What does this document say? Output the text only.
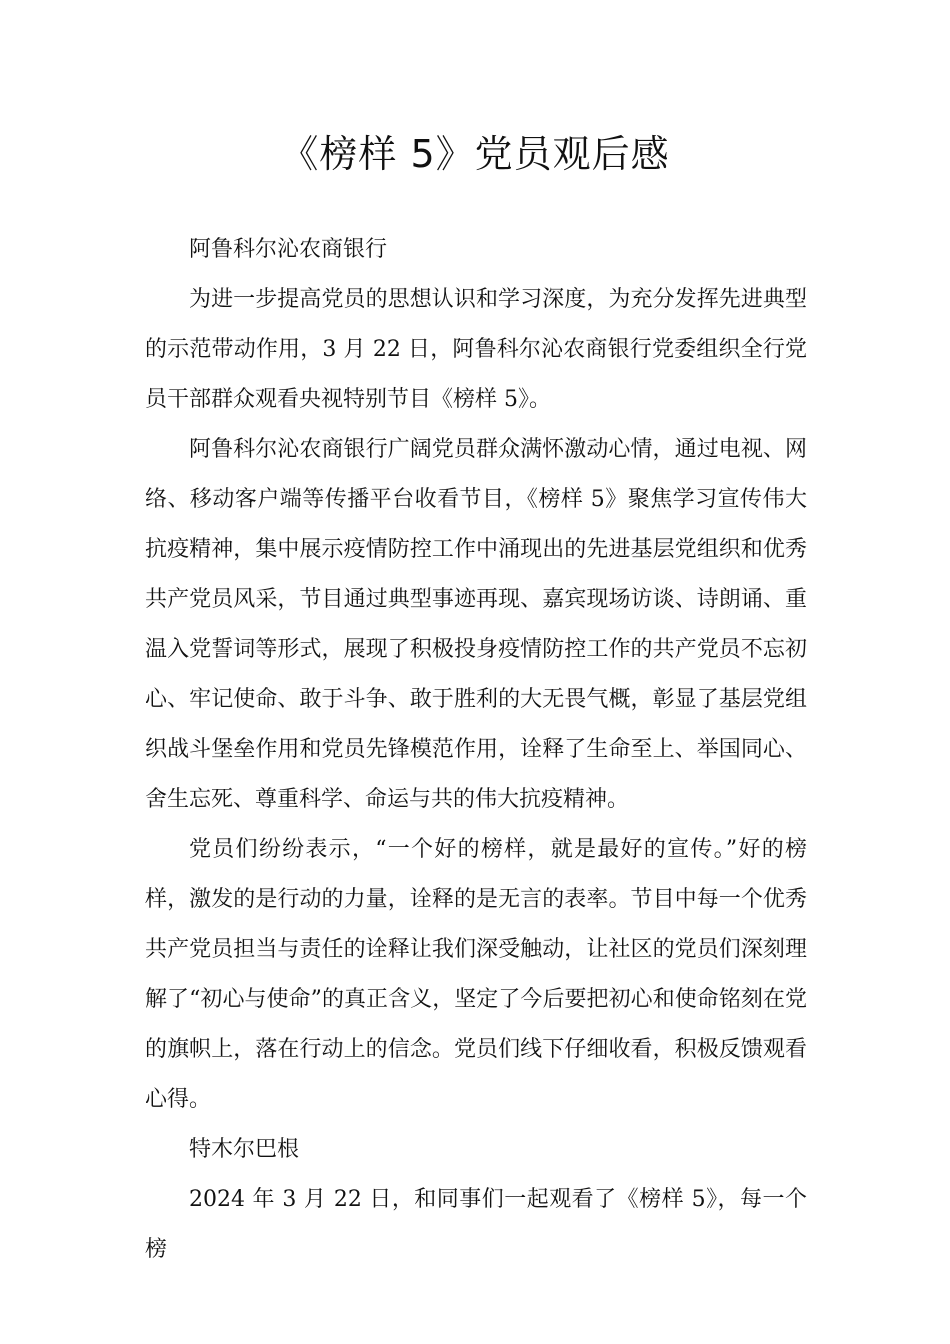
《榜样 5》党员观后感

阿鲁科尔沁农商银行

为进一步提高党员的思想认识和学习深度，为充分发挥先进典型的示范带动作用，3 月 22 日，阿鲁科尔沁农商银行党委组织全行党员干部群众观看央视特别节目《榜样 5》。

阿鲁科尔沁农商银行广阔党员群众满怀激动心情，通过电视、网络、移动客户端等传播平台收看节目，《榜样 5》聚焦学习宣传伟大抗疫精神，集中展示疫情防控工作中涌现出的先进基层党组织和优秀共产党员风采，节目通过典型事迹再现、嘉宾现场访谈、诗朗诵、重温入党誓词等形式，展现了积极投身疫情防控工作的共产党员不忘初心、牢记使命、敢于斗争、敢于胜利的大无畏气概，彰显了基层党组织战斗堡垒作用和党员先锋模范作用，诠释了生命至上、举国同心、舍生忘死、尊重科学、命运与共的伟大抗疫精神。

党员们纷纷表示，“一个好的榜样，就是最好的宣传。”好的榜样，激发的是行动的力量，诠释的是无言的表率。节目中每一个优秀共产党员担当与责任的诠释让我们深受触动，让社区的党员们深刻理解了“初心与使命”的真正含义，坚定了今后要把初心和使命铭刻在党的旗帜上，落在行动上的信念。党员们线下仔细收看，积极反馈观看心得。

特木尔巴根

2024 年 3 月 22 日，和同事们一起观看了《榜样 5》，每一个榜
